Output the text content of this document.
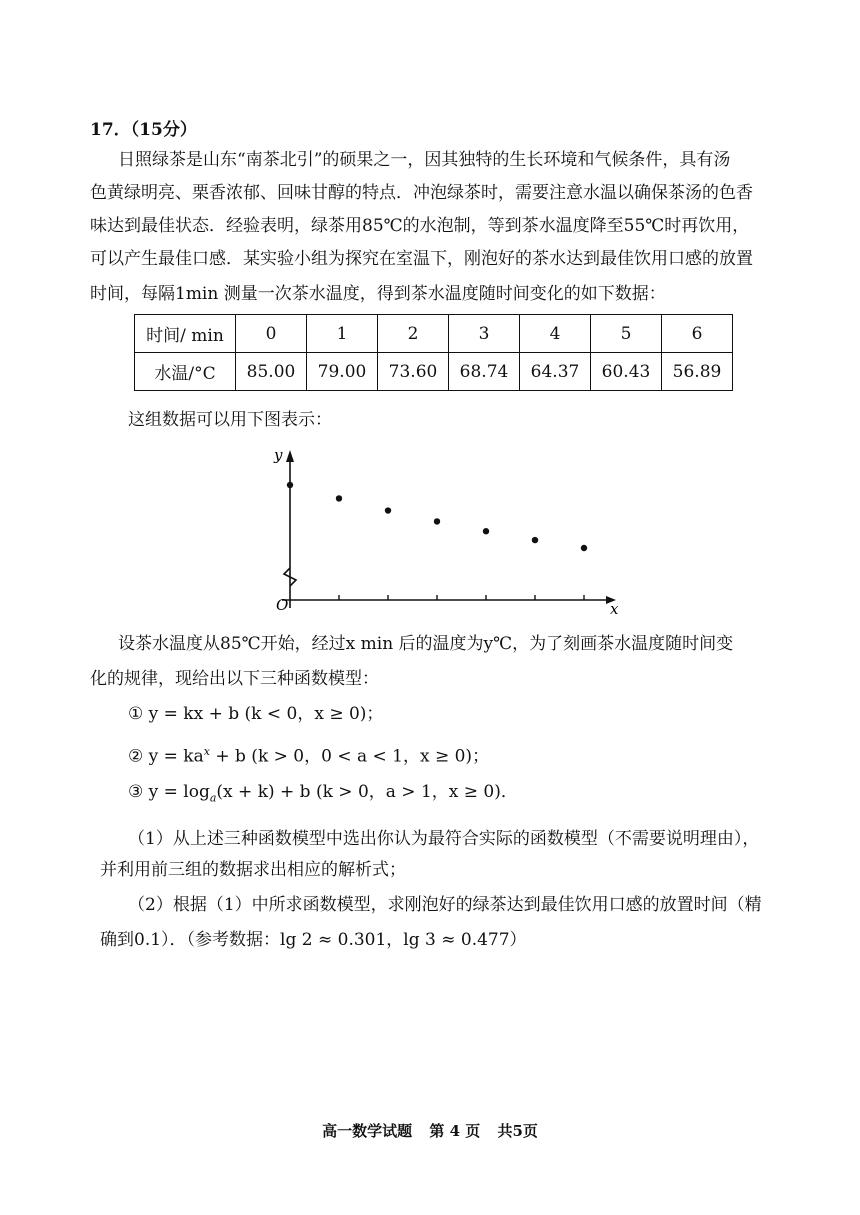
17．（15分）
日照绿茶是山东“南茶北引”的硕果之一，因其独特的生长环境和气候条件，具有汤
色黄绿明亮、栗香浓郁、回味甘醇的特点．冲泡绿茶时，需要注意水温以确保茶汤的色香
味达到最佳状态．经验表明，绿茶用85℃的水泡制，等到茶水温度降至55℃时再饮用，
可以产生最佳口感．某实验小组为探究在室温下，刚泡好的茶水达到最佳饮用口感的放置
时间，每隔1min 测量一次茶水温度，得到茶水温度随时间变化的如下数据：
时间/ min	0	1	2	3	4	5	6
水温/°C	85.00	79.00	73.60	68.74	64.37	60.43	56.89
这组数据可以用下图表示：
O	x
y
设茶水温度从85℃开始，经过x min 后的温度为y℃，为了刻画茶水温度随时间变
化的规律，现给出以下三种函数模型：
① y = kx + b (k < 0，x ≥ 0)；
② $y = ka^x + b$ (k > 0，0 < a < 1，x ≥ 0)；
③ $y = \log_a(x + k) + b$ (k > 0，a > 1，x ≥ 0)．
（1）从上述三种函数模型中选出你认为最符合实际的函数模型（不需要说明理由），
并利用前三组的数据求出相应的解析式；
（2）根据（1）中所求函数模型，求刚泡好的绿茶达到最佳饮用口感的放置时间（精
确到0.1）．（参考数据：lg 2 ≈ 0.301，lg 3 ≈ 0.477）
高一数学试题 第 4 页 共5页
